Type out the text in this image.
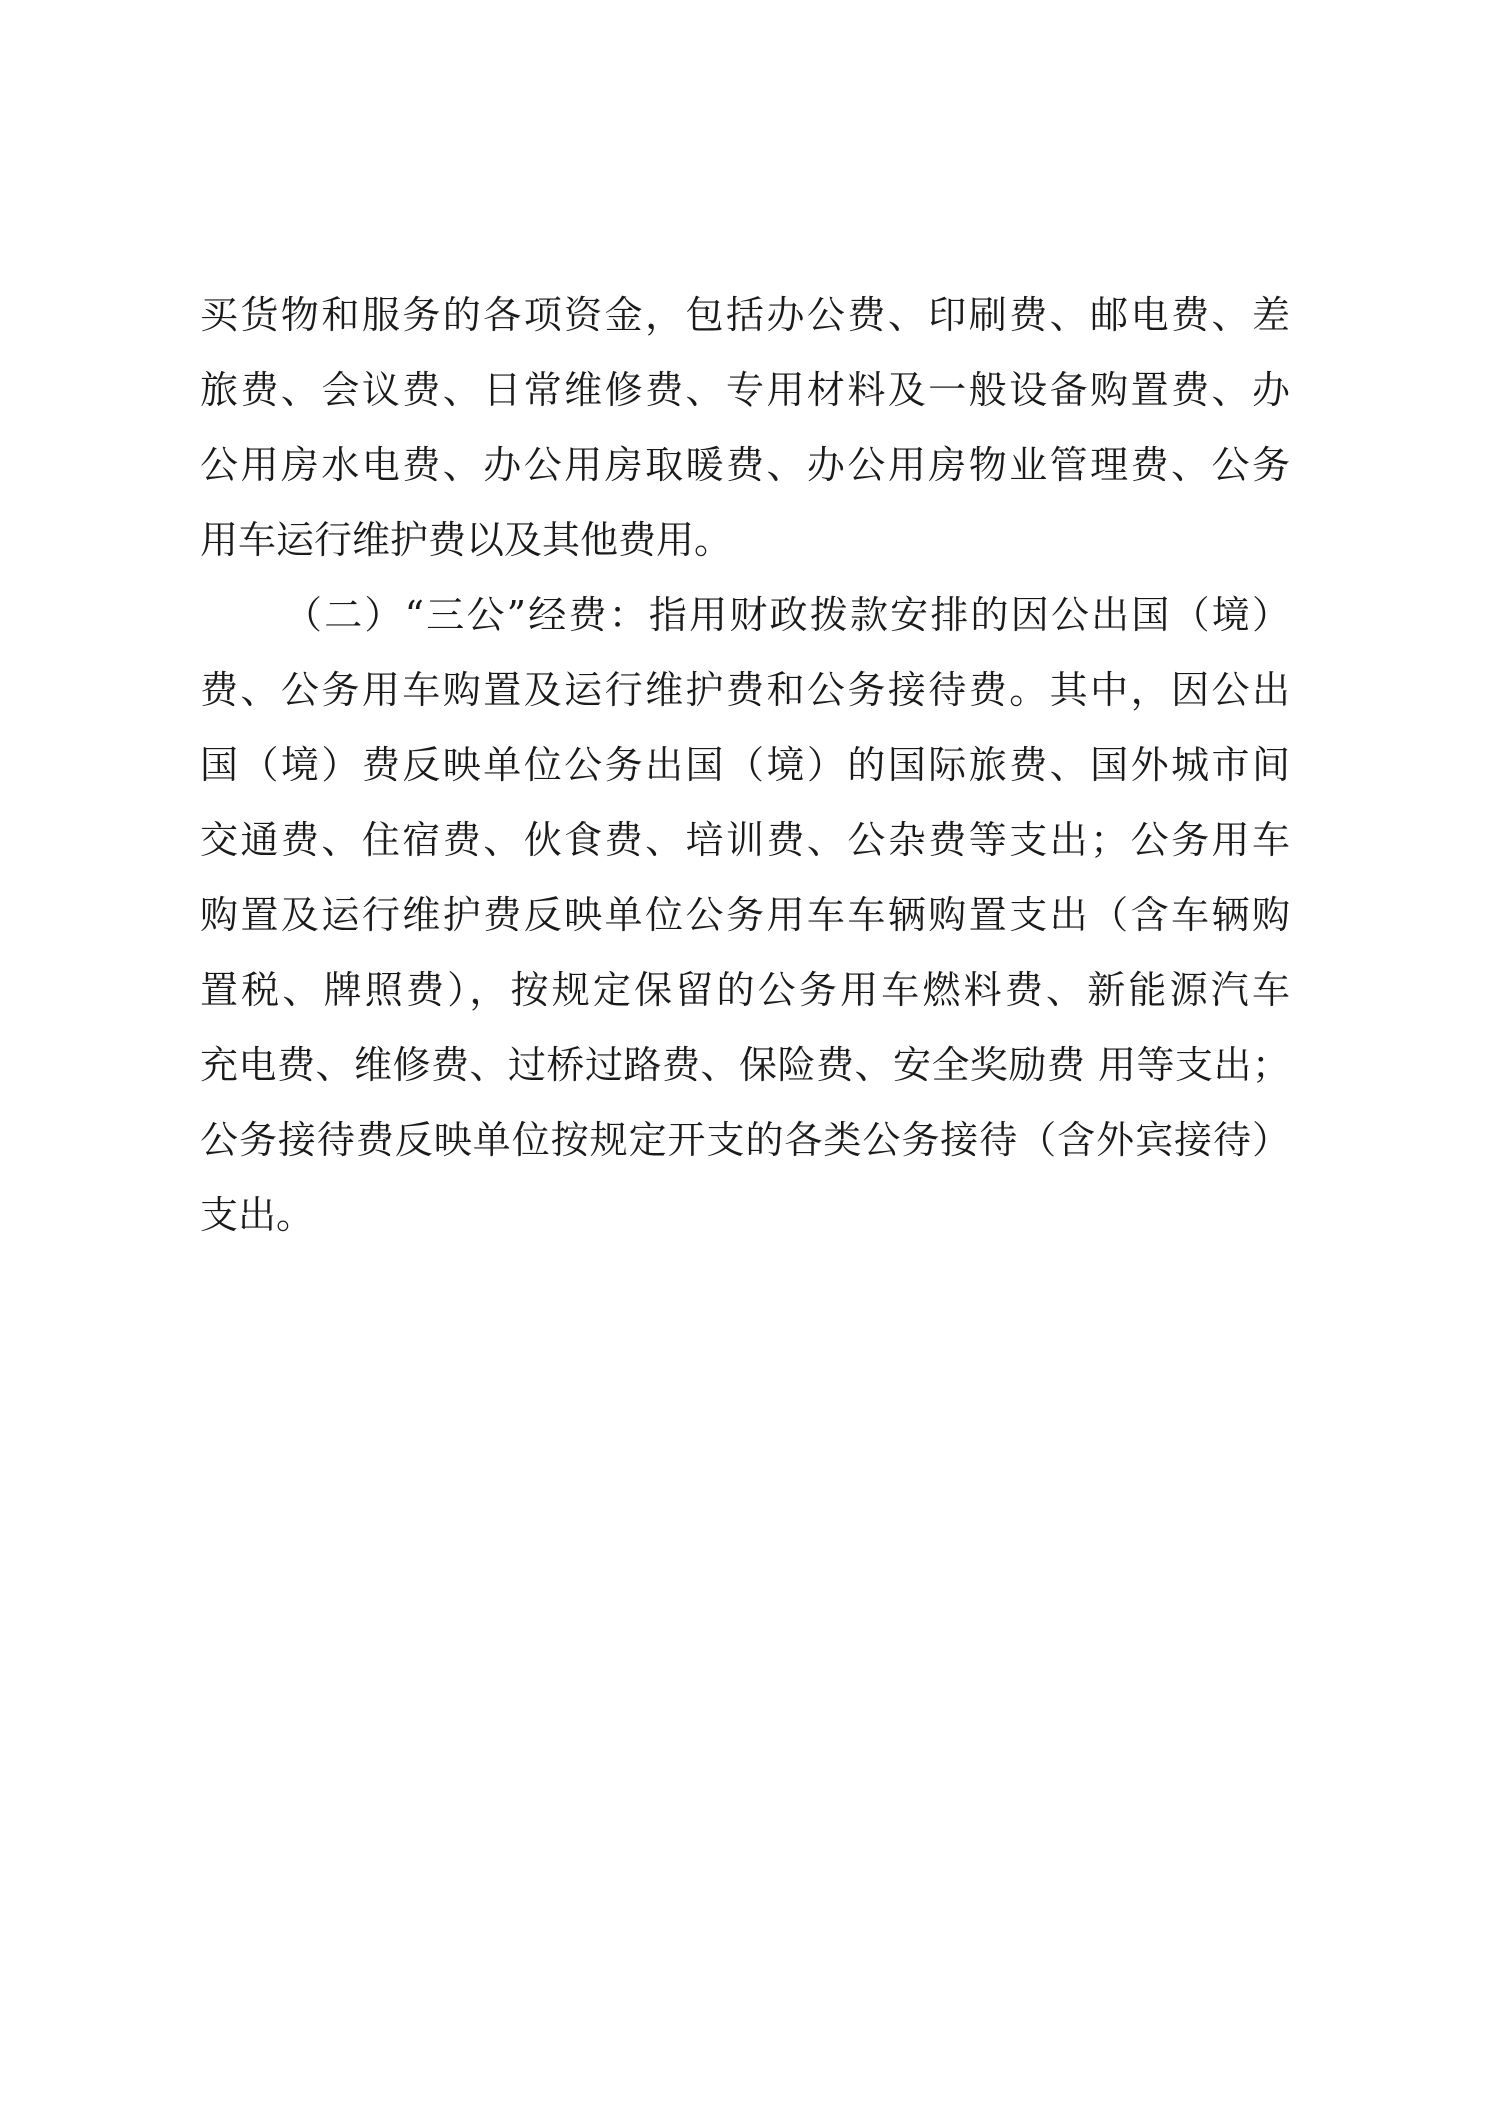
买货物和服务的各项资金，包括办公费、印刷费、邮电费、差
旅费、会议费、日常维修费、专用材料及一般设备购置费、办
公用房水电费、办公用房取暖费、办公用房物业管理费、公务
用车运行维护费以及其他费用。
（二）“三公”经费：指用财政拨款安排的因公出国（境）
费、公务用车购置及运行维护费和公务接待费。其中，因公出
国（境）费反映单位公务出国（境）的国际旅费、国外城市间
交通费、住宿费、伙食费、培训费、公杂费等支出；公务用车
购置及运行维护费反映单位公务用车车辆购置支出（含车辆购
置税、牌照费），按规定保留的公务用车燃料费、新能源汽车
充电费、维修费、过桥过路费、保险费、安全奖励费 用等支出；
公务接待费反映单位按规定开支的各类公务接待（含外宾接待）
支出。
